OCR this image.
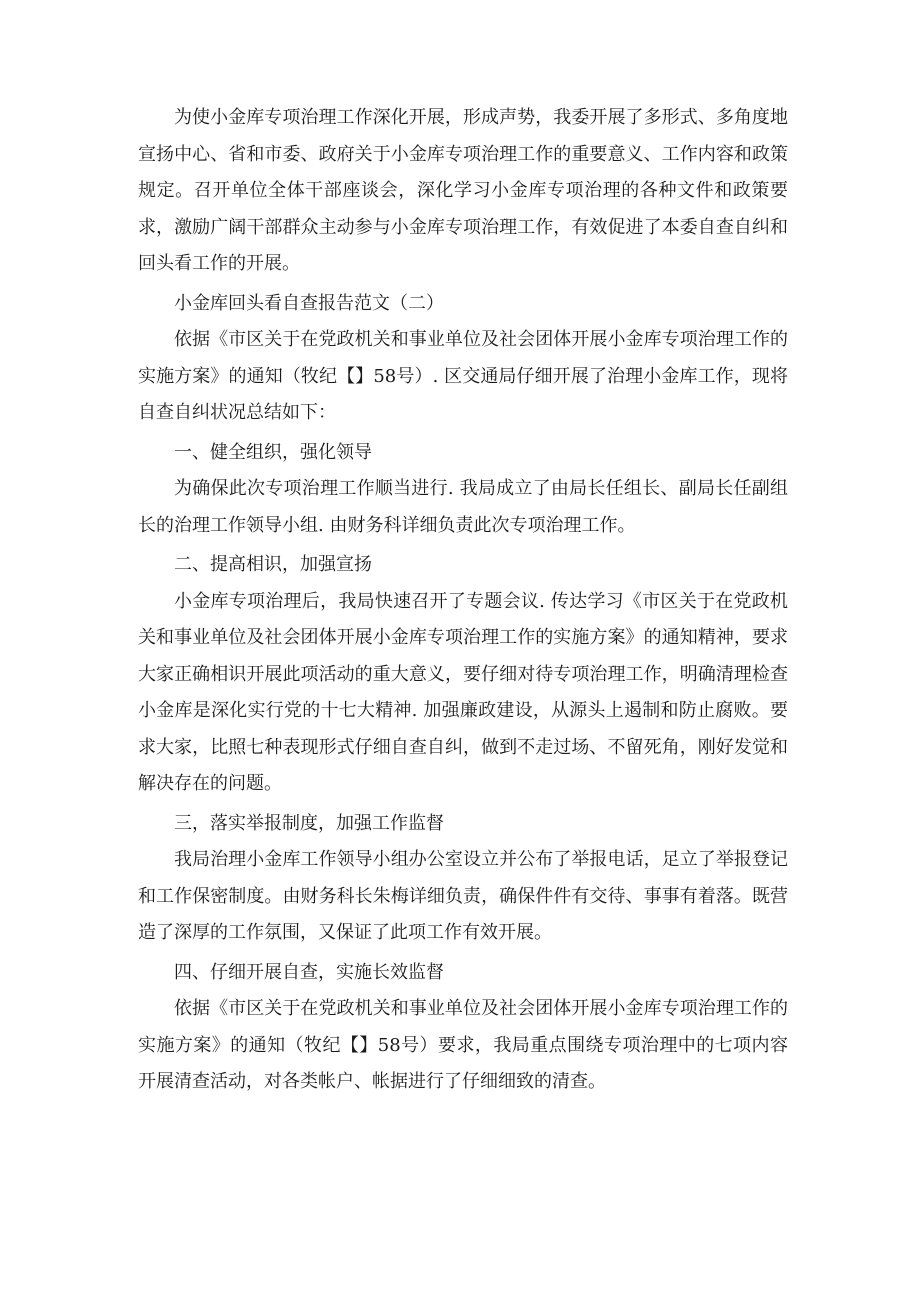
为使小金库专项治理工作深化开展，形成声势，我委开展了多形式、多角度地宣扬中心、省和市委、政府关于小金库专项治理工作的重要意义、工作内容和政策规定。召开单位全体干部座谈会，深化学习小金库专项治理的各种文件和政策要求，激励广阔干部群众主动参与小金库专项治理工作，有效促进了本委自查自纠和回头看工作的开展。

小金库回头看自查报告范文（二）

依据《市区关于在党政机关和事业单位及社会团体开展小金库专项治理工作的实施方案》的通知（牧纪【】58号）. 区交通局仔细开展了治理小金库工作，现将自查自纠状况总结如下：

一、健全组织，强化领导

为确保此次专项治理工作顺当进行. 我局成立了由局长任组长、副局长任副组长的治理工作领导小组. 由财务科详细负责此次专项治理工作。

二、提高相识，加强宣扬

小金库专项治理后，我局快速召开了专题会议. 传达学习《市区关于在党政机关和事业单位及社会团体开展小金库专项治理工作的实施方案》的通知精神，要求大家正确相识开展此项活动的重大意义，要仔细对待专项治理工作，明确清理检查小金库是深化实行党的十七大精神. 加强廉政建设，从源头上遏制和防止腐败。要求大家，比照七种表现形式仔细自查自纠，做到不走过场、不留死角，刚好发觉和解决存在的问题。

三，落实举报制度，加强工作监督

我局治理小金库工作领导小组办公室设立并公布了举报电话，足立了举报登记和工作保密制度。由财务科长朱梅详细负责，确保件件有交待、事事有着落。既营造了深厚的工作氛围，又保证了此项工作有效开展。

四、仔细开展自查，实施长效监督

依据《市区关于在党政机关和事业单位及社会团体开展小金库专项治理工作的实施方案》的通知（牧纪【】58号）要求，我局重点围绕专项治理中的七项内容开展清查活动，对各类帐户、帐据进行了仔细细致的清查。
